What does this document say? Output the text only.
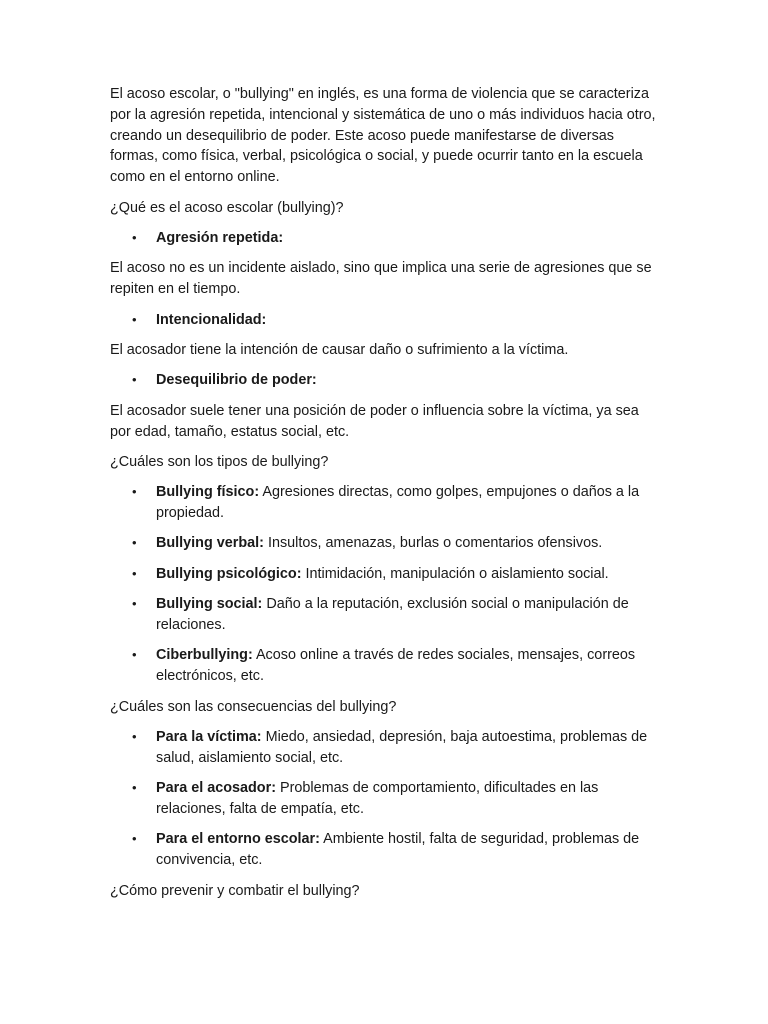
El acoso escolar, o "bullying" en inglés, es una forma de violencia que se caracteriza por la agresión repetida, intencional y sistemática de uno o más individuos hacia otro, creando un desequilibrio de poder. Este acoso puede manifestarse de diversas formas, como física, verbal, psicológica o social, y puede ocurrir tanto en la escuela como en el entorno online.

¿Qué es el acoso escolar (bullying)?

• Agresión repetida:

El acoso no es un incidente aislado, sino que implica una serie de agresiones que se repiten en el tiempo.

• Intencionalidad:

El acosador tiene la intención de causar daño o sufrimiento a la víctima.

• Desequilibrio de poder:

El acosador suele tener una posición de poder o influencia sobre la víctima, ya sea por edad, tamaño, estatus social, etc.

¿Cuáles son los tipos de bullying?

• Bullying físico: Agresiones directas, como golpes, empujones o daños a la propiedad.
• Bullying verbal: Insultos, amenazas, burlas o comentarios ofensivos.
• Bullying psicológico: Intimidación, manipulación o aislamiento social.
• Bullying social: Daño a la reputación, exclusión social o manipulación de relaciones.
• Ciberbullying: Acoso online a través de redes sociales, mensajes, correos electrónicos, etc.

¿Cuáles son las consecuencias del bullying?

• Para la víctima: Miedo, ansiedad, depresión, baja autoestima, problemas de salud, aislamiento social, etc.
• Para el acosador: Problemas de comportamiento, dificultades en las relaciones, falta de empatía, etc.
• Para el entorno escolar: Ambiente hostil, falta de seguridad, problemas de convivencia, etc.

¿Cómo prevenir y combatir el bullying?
